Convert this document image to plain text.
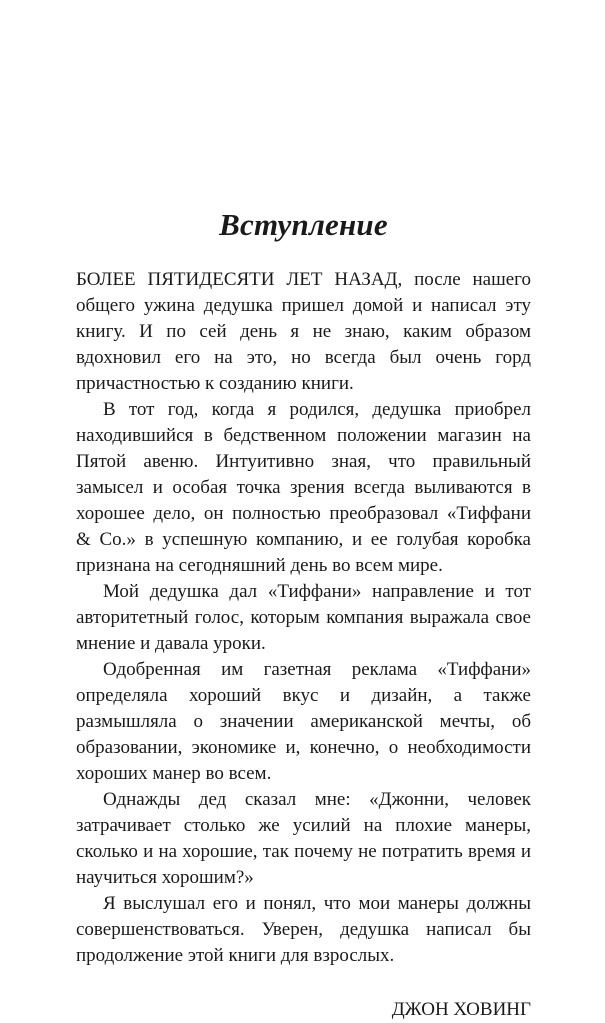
Вступление

БОЛЕЕ ПЯТИДЕСЯТИ ЛЕТ НАЗАД, после нашего общего ужина дедушка пришел домой и написал эту книгу. И по сей день я не знаю, каким образом вдохновил его на это, но всегда был очень горд причастностью к созданию книги.

В тот год, когда я родился, дедушка приобрел находившийся в бедственном положении магазин на Пятой авеню. Интуитивно зная, что правильный замысел и особая точка зрения всегда выливаются в хорошее дело, он полностью преобразовал «Тиффани & Co.» в успешную компанию, и ее голубая коробка признана на сегодняшний день во всем мире.

Мой дедушка дал «Тиффани» направление и тот авторитетный голос, которым компания выражала свое мнение и давала уроки.

Одобренная им газетная реклама «Тиффани» определяла хороший вкус и дизайн, а также размышляла о значении американской мечты, об образовании, экономике и, конечно, о необходимости хороших манер во всем.

Однажды дед сказал мне: «Джонни, человек затрачивает столько же усилий на плохие манеры, сколько и на хорошие, так почему не потратить время и научиться хорошим?»

Я выслушал его и понял, что мои манеры должны совершенствоваться. Уверен, дедушка написал бы продолжение этой книги для взрослых.

ДЖОН ХОВИНГ
